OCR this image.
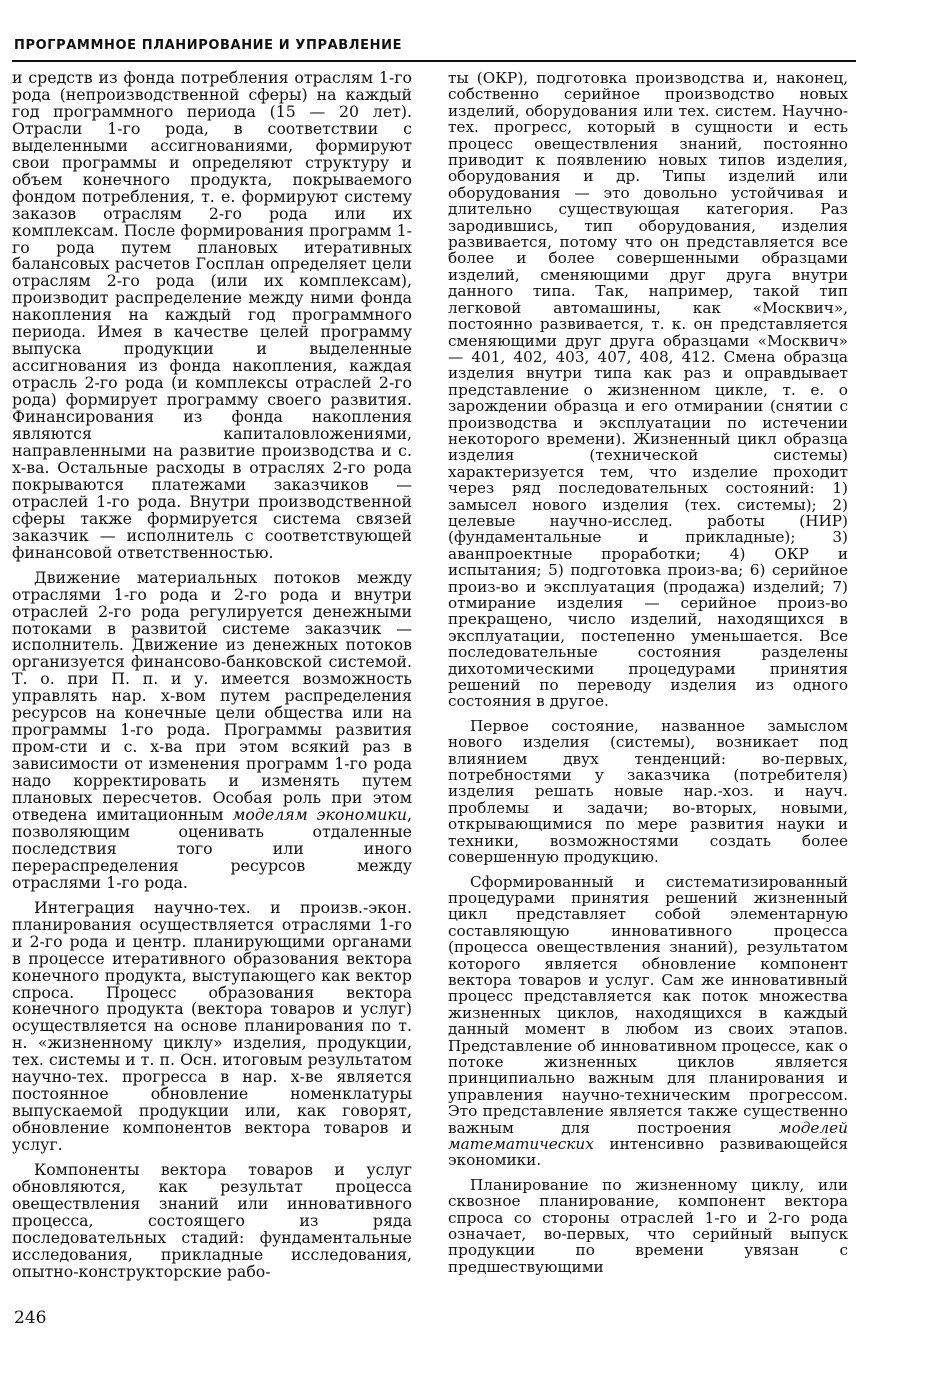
ПРОГРАММНОЕ ПЛАНИРОВАНИЕ И УПРАВЛЕНИЕ

и средств из фонда потребления отраслям 1-го рода (непроизводственной сферы) на каждый год программного периода (15 — 20 лет). Отрасли 1-го рода, в соответствии с выделенными ассигнованиями, формируют свои программы и определяют структуру и объем конечного продукта, покрываемого фондом потребления, т. е. формируют систему заказов отраслям 2-го рода или их комплексам. После формирования программ 1-го рода путем плановых итеративных балансовых расчетов Госплан определяет цели отраслям 2-го рода (или их комплексам), производит распределение между ними фонда накопления на каждый год программного периода. Имея в качестве целей программу выпуска продукции и выделенные ассигнования из фонда накопления, каждая отрасль 2-го рода (и комплексы отраслей 2-го рода) формирует программу своего развития. Финансирования из фонда накопления являются капиталовложениями, направленными на развитие производства и с. х-ва. Остальные расходы в отраслях 2-го рода покрываются платежами заказчиков — отраслей 1-го рода. Внутри производственной сферы также формируется система связей заказчик — исполнитель с соответствующей финансовой ответственностью.

Движение материальных потоков между отраслями 1-го рода и 2-го рода и внутри отраслей 2-го рода регулируется денежными потоками в развитой системе заказчик — исполнитель. Движение из денежных потоков организуется финансово-банковской системой. Т. о. при П. п. и у. имеется возможность управлять нар. х-вом путем распределения ресурсов на конечные цели общества или на программы 1-го рода. Программы развития пром-сти и с. х-ва при этом всякий раз в зависимости от изменения программ 1-го рода надо корректировать и изменять путем плановых пересчетов. Особая роль при этом отведена имитационным моделям экономики, позволяющим оценивать отдаленные последствия того или иного перераспределения ресурсов между отраслями 1-го рода.

Интеграция научно-тех. и произв.-экон. планирования осуществляется отраслями 1-го и 2-го рода и центр. планирующими органами в процессе итеративного образования вектора конечного продукта, выступающего как вектор спроса. Процесс образования вектора конечного продукта (вектора товаров и услуг) осуществляется на основе планирования по т. н. «жизненному циклу» изделия, продукции, тех. системы и т. п. Осн. итоговым результатом научно-тех. прогресса в нар. х-ве является постоянное обновление номенклатуры выпускаемой продукции или, как говорят, обновление компонентов вектора товаров и услуг.

Компоненты вектора товаров и услуг обновляются, как результат процесса овеществления знаний или инновативного процесса, состоящего из ряда последовательных стадий: фундаментальные исследования, прикладные исследования, опытно-конструкторские рабо-

ты (ОКР), подготовка производства и, наконец, собственно серийное производство новых изделий, оборудования или тех. систем. Научно-тех. прогресс, который в сущности и есть процесс овеществления знаний, постоянно приводит к появлению новых типов изделия, оборудования и др. Типы изделий или оборудования — это довольно устойчивая и длительно существующая категория. Раз зародившись, тип оборудования, изделия развивается, потому что он представляется все более и более совершенными образцами изделий, сменяющими друг друга внутри данного типа. Так, например, такой тип легковой автомашины, как «Москвич», постоянно развивается, т. к. он представляется сменяющими друг друга образцами «Москвич» — 401, 402, 403, 407, 408, 412. Смена образца изделия внутри типа как раз и оправдывает представление о жизненном цикле, т. е. о зарождении образца и его отмирании (снятии с производства и эксплуатации по истечении некоторого времени). Жизненный цикл образца изделия (технической системы) характеризуется тем, что изделие проходит через ряд последовательных состояний: 1) замысел нового изделия (тех. системы); 2) целевые научно-исслед. работы (НИР) (фундаментальные и прикладные); 3) аванпроектные проработки; 4) ОКР и испытания; 5) подготовка произ-ва; 6) серийное произ-во и эксплуатация (продажа) изделий; 7) отмирание изделия — серийное произ-во прекращено, число изделий, находящихся в эксплуатации, постепенно уменьшается. Все последовательные состояния разделены дихотомическими процедурами принятия решений по переводу изделия из одного состояния в другое.

Первое состояние, названное замыслом нового изделия (системы), возникает под влиянием двух тенденций: во-первых, потребностями у заказчика (потребителя) изделия решать новые нар.-хоз. и науч. проблемы и задачи; во-вторых, новыми, открывающимися по мере развития науки и техники, возможностями создать более совершенную продукцию.

Сформированный и систематизированный процедурами принятия решений жизненный цикл представляет собой элементарную составляющую инновативного процесса (процесса овеществления знаний), результатом которого является обновление компонент вектора товаров и услуг. Сам же инновативный процесс представляется как поток множества жизненных циклов, находящихся в каждый данный момент в любом из своих этапов. Представление об инновативном процессе, как о потоке жизненных циклов является принципиально важным для планирования и управления научно-техническим прогрессом. Это представление является также существенно важным для построения моделей математических интенсивно развивающейся экономики.

Планирование по жизненному циклу, или сквозное планирование, компонент вектора спроса со стороны отраслей 1-го и 2-го рода означает, во-первых, что серийный выпуск продукции по времени увязан с предшествующими

246
